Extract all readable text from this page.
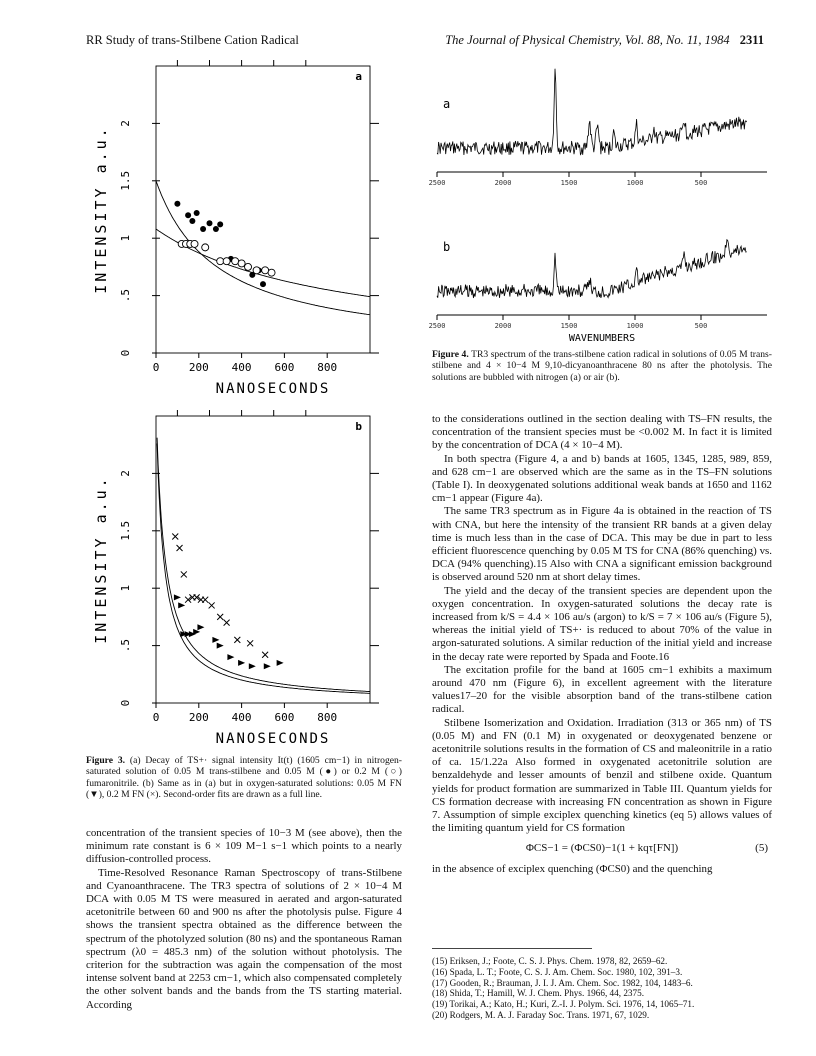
RR Study of trans-Stilbene Cation Radical	The Journal of Physical Chemistry, Vol. 88, No. 11, 1984 2311
0
.5
1
1.5
2
0	200 400 600 800
a
INTENSITY a.u.
NANOSECONDS
0
.5
1
1.5
2
0	200 400 600 800
b
INTENSITY a.u.
NANOSECONDS
Figure 3. (a) Decay of TS+· signal intensity It(t) (1605 cm−1) in nitrogen-saturated solution of 0.05 M trans-stilbene and 0.05 M (●) or 0.2 M (○) fumaronitrile. (b) Same as in (a) but in oxygen-saturated solutions: 0.05 M FN (▼), 0.2 M FN (×). Second-order fits are drawn as a full line.
a
2500	2000	1500	1000	500
b
2500	2000	1500	1000	500
WAVENUMBERS
Figure 4. TR3 spectrum of the trans-stilbene cation radical in solutions of 0.05 M trans-stilbene and 4 × 10−4 M 9,10-dicyanoanthracene 80 ns after the photolysis. The solutions are bubbled with nitrogen (a) or air (b).

concentration of the transient species of 10−3 M (see above), then the minimum rate constant is 6 × 109 M−1 s−1 which points to a nearly diffusion-controlled process.

Time-Resolved Resonance Raman Spectroscopy of trans-Stilbene and Cyanoanthracene. The TR3 spectra of solutions of 2 × 10−4 M DCA with 0.05 M TS were measured in aerated and argon-saturated acetonitrile between 60 and 900 ns after the photolysis pulse. Figure 4 shows the transient spectra obtained as the difference between the spectrum of the photolyzed solution (80 ns) and the spontaneous Raman spectrum (λ0 = 485.3 nm) of the solution without photolysis. The criterion for the subtraction was again the compensation of the most intense solvent band at 2253 cm−1, which also compensated completely the other solvent bands and the bands from the TS starting material. According

to the considerations outlined in the section dealing with TS–FN results, the concentration of the transient species must be <0.002 M. In fact it is limited by the concentration of DCA (4 × 10−4 M).

In both spectra (Figure 4, a and b) bands at 1605, 1345, 1285, 989, 859, and 628 cm−1 are observed which are the same as in the TS–FN solutions (Table I). In deoxygenated solutions additional weak bands at 1650 and 1162 cm−1 appear (Figure 4a).

The same TR3 spectrum as in Figure 4a is obtained in the reaction of TS with CNA, but here the intensity of the transient RR bands at a given delay time is much less than in the case of DCA. This may be due in part to less efficient fluorescence quenching by 0.05 M TS for CNA (86% quenching) vs. DCA (94% quenching).15 Also with CNA a significant emission background is observed around 520 nm at short delay times.

The yield and the decay of the transient species are dependent upon the oxygen concentration. In oxygen-saturated solutions the decay rate is increased from k/S = 4.4 × 106 au/s (argon) to k/S = 7 × 106 au/s (Figure 5), whereas the initial yield of TS+· is reduced to about 70% of the value in argon-saturated solutions. A similar reduction of the initial yield and increase in the decay rate were reported by Spada and Foote.16

The excitation profile for the band at 1605 cm−1 exhibits a maximum around 470 nm (Figure 6), in excellent agreement with the literature values17–20 for the visible absorption band of the trans-stilbene cation radical.

Stilbene Isomerization and Oxidation. Irradiation (313 or 365 nm) of TS (0.05 M) and FN (0.1 M) in oxygenated or deoxygenated benzene or acetonitrile solutions results in the formation of CS and maleonitrile in a ratio of ca. 15/1.22a Also formed in oxygenated acetonitrile solution are benzaldehyde and lesser amounts of benzil and stilbene oxide. Quantum yields for product formation are summarized in Table III. Quantum yields for CS formation decrease with increasing FN concentration as shown in Figure 7. Assumption of simple exciplex quenching kinetics (eq 5) allows values of the limiting quantum yield for CS formation

ΦCS−1 = (ΦCS0)−1(1 + kqτ[FN])	(5)

in the absence of exciplex quenching (ΦCS0) and the quenching

(15) Eriksen, J.; Foote, C. S. J. Phys. Chem. 1978, 82, 2659–62.
(16) Spada, L. T.; Foote, C. S. J. Am. Chem. Soc. 1980, 102, 391–3.
(17) Gooden, R.; Brauman, J. I. J. Am. Chem. Soc. 1982, 104, 1483–6.
(18) Shida, T.; Hamill, W. J. Chem. Phys. 1966, 44, 2375.
(19) Torikai, A.; Kato, H.; Kuri, Z.-I. J. Polym. Sci. 1976, 14, 1065–71.
(20) Rodgers, M. A. J. Faraday Soc. Trans. 1971, 67, 1029.
